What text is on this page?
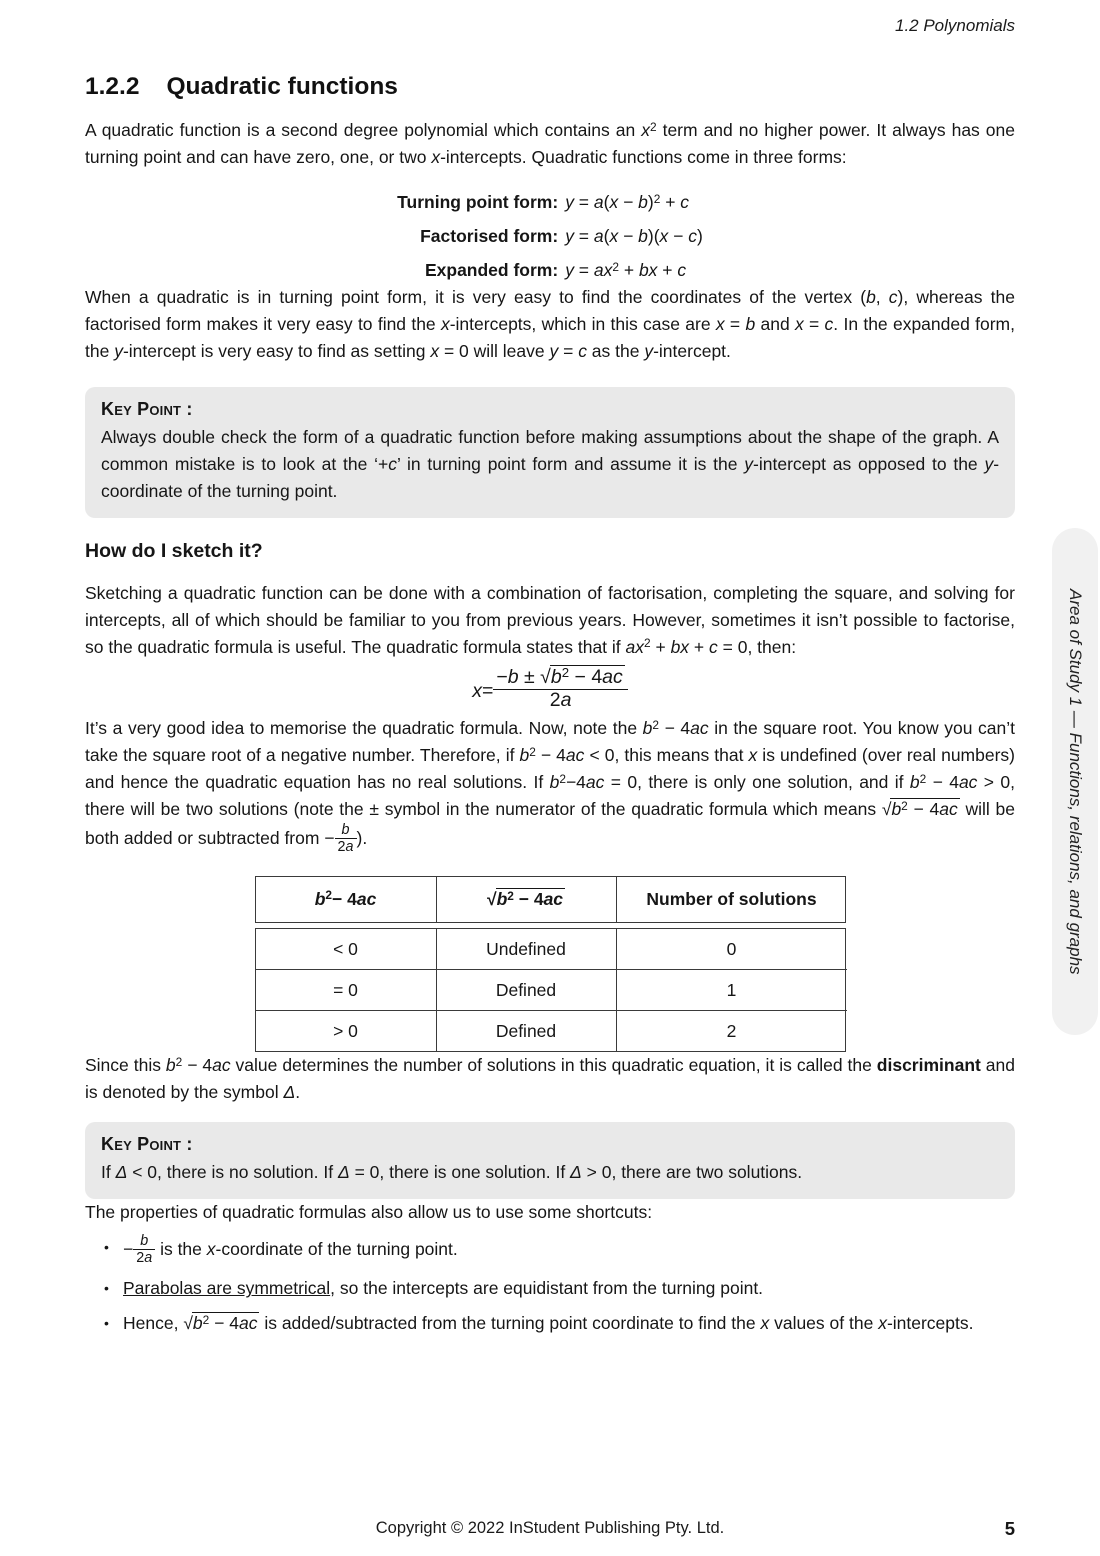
1.2 Polynomials
1.2.2 Quadratic functions

A quadratic function is a second degree polynomial which contains an $x^2$ term and no higher power. It always has one turning point and can have zero, one, or two x-intercepts. Quadratic functions come in three forms:

Turning point form: $y = a(x - b)^2 + c$
Factorised form: y = a(x − b)(x − c)
Expanded form: $y = ax^2$ + bx + c

When a quadratic is in turning point form, it is very easy to find the coordinates of the vertex (b, c), whereas the factorised form makes it very easy to find the x-intercepts, which in this case are x = b and x = c. In the expanded form, the y-intercept is very easy to find as setting x = 0 will leave y = c as the y-intercept.

Key Point :

Always double check the form of a quadratic function before making assumptions about the shape of the graph. A common mistake is to look at the ‘+c’ in turning point form and assume it is the y-intercept as opposed to the y-coordinate of the turning point.

How do I sketch it?

Sketching a quadratic function can be done with a combination of factorisation, completing the square, and solving for intercepts, all of which should be familiar to you from previous years. However, sometimes it isn’t possible to factorise, so the quadratic formula is useful. The quadratic formula states that if $ax^2$ + bx + c = 0, then:

$x = \frac{-b \pm √b^2 - 4ac}{2a}$

It’s a very good idea to memorise the quadratic formula. Now, note the $b^2 - 4ac$ in the square root. You know you can’t take the square root of a negative number. Therefore, if $b^2 - 4ac < 0$, this means that x is undefined (over real numbers) and hence the quadratic equation has no real solutions. If $b^2-4ac = 0$, there is only one solution, and if $b^2 - 4ac > 0$, there will be two solutions (note the ± symbol in the numerator of the quadratic formula which means $√b^2 - 4ac$ will be both added or subtracted from − $\frac{b}{2a}$ ).

b 2 − 4 ac	$√b^2 - 4ac$	Number of solutions
< 0	Undefined	0
= 0	Defined	1
> 0	Defined	2

Since this $b^2 - 4ac$ value determines the number of solutions in this quadratic equation, it is called the discriminant and is denoted by the symbol Δ.

Key Point :

If Δ < 0, there is no solution. If Δ = 0, there is one solution. If Δ > 0, there are two solutions.

The properties of quadratic formulas also allow us to use some shortcuts:

• − $\frac{b}{2a}$ is the x-coordinate of the turning point.
• Parabolas are symmetrical, so the intercepts are equidistant from the turning point.
• Hence, $√b^2 - 4ac$ is added/subtracted from the turning point coordinate to find the x values of the x-intercepts.
Area of Study 1 — Functions, relations, and graphs
Copyright © 2022 InStudent Publishing Pty. Ltd.	5
